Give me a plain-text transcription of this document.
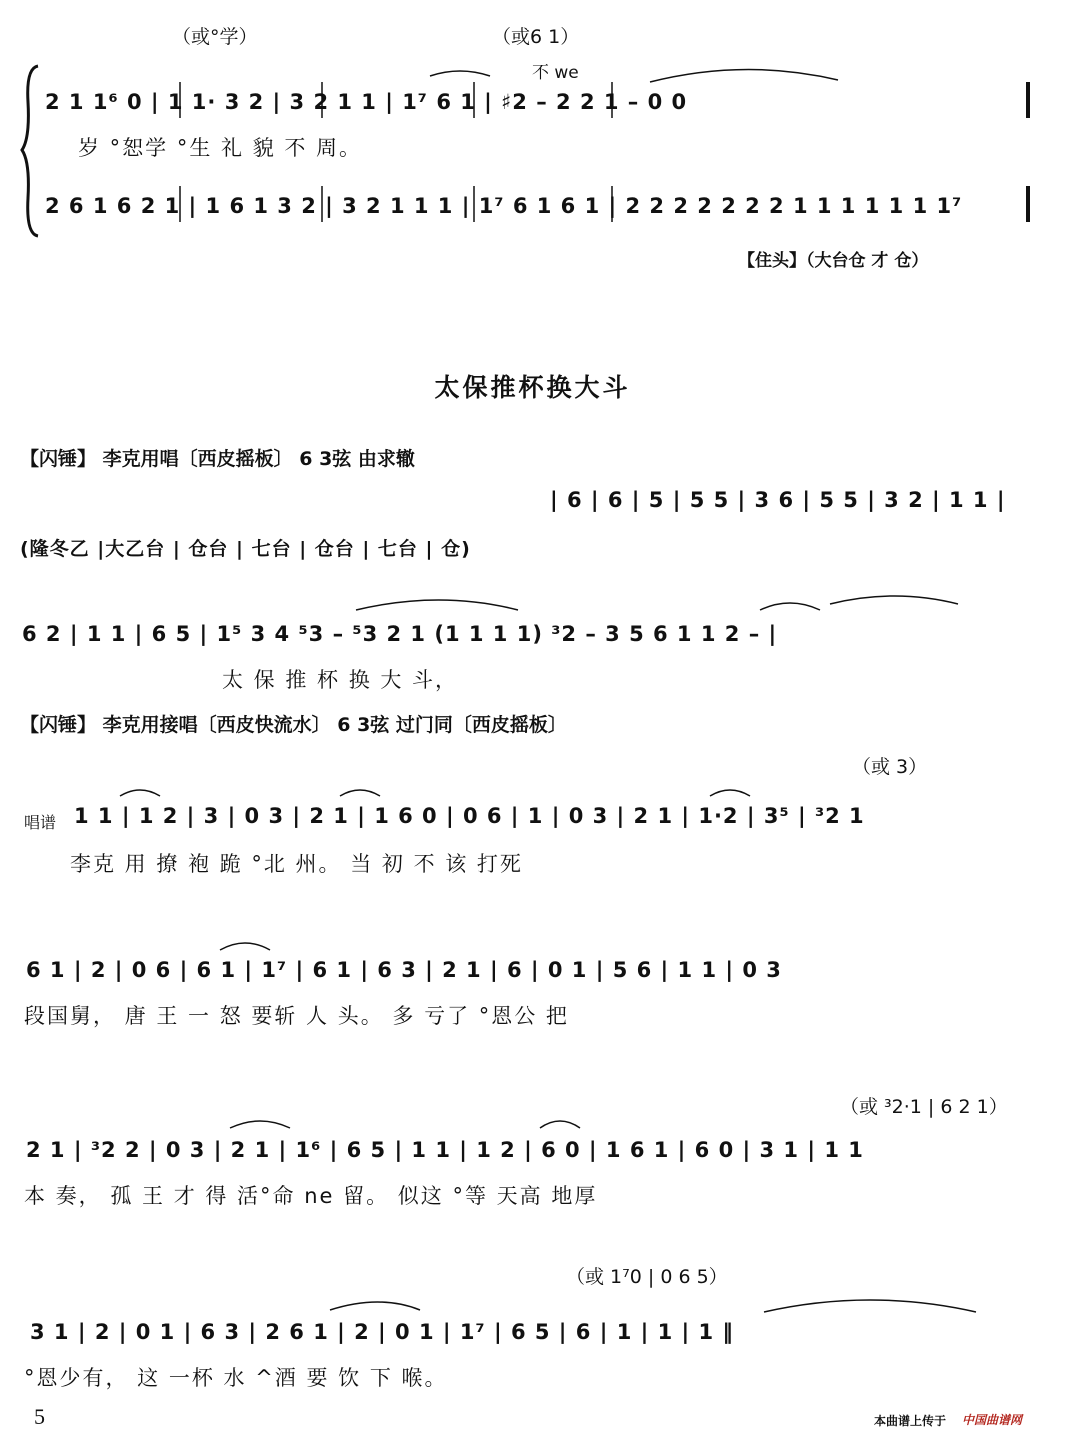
（或°学）	（或6 1）
不 we
2 1 1⁶ 0 | 1 1· 3 2 | 3 2 1 1 | 1⁷ 6 1 | ♯2 – 2 2 1 – 0 0
岁 °恕学 °生 礼 貌 不 周。
2 6 1 6 2 1 | 1 6 1 3 2 | 3 2 1 1 1 | 1⁷ 6 1 6 1 | 2 2 2 2 2 2 2 1 1 1 1 1 1 1⁷
【住头】（大台仓 才 仓）
太保推杯换大斗
【闪锤】 李克用唱〔西皮摇板〕 6 3弦 由求辙
| 6 | 6 | 5 | 5 5 | 3 6 | 5 5 | 3 2 | 1 1 |
(隆冬乙 |大乙台 | 仓台 | 七台 | 仓台 | 七台 | 仓)
6 2 | 1 1 | 6 5 | 1⁵ 3 4 ⁵3 – ⁵3 2 1 (1 1 1 1) ³2 – 3 5 6 1 1 2 – |
太 保 推 杯 换 大 斗，
【闪锤】 李克用接唱〔西皮快流水〕 6 3弦 过门同〔西皮摇板〕
（或 3）
唱谱 1 1 | 1 2 | 3 | 0 3 | 2 1 | 1 6 0 | 0 6 | 1 | 0 3 | 2 1 | 1·2 | 3⁵ | ³2 1
李克 用 撩 袍 跪 °北 州。 当 初 不 该 打死
6 1 | 2 | 0 6 | 6 1 | 1⁷ | 6 1 | 6 3 | 2 1 | 6 | 0 1 | 5 6 | 1 1 | 0 3
段国舅， 唐 王 一 怒 要斩 人 头。 多 亏了 °恩公 把
（或 ³2·1 | 6 2 1）
2 1 | ³2 2 | 0 3 | 2 1 | 1⁶ | 6 5 | 1 1 | 1 2 | 6 0 | 1 6 1 | 6 0 | 3 1 | 1 1
本 奏， 孤 王 才 得 活°命 ne 留。 似这 °等 天高 地厚
（或 1⁷0 | 0 6 5）
3 1 | 2 | 0 1 | 6 3 | 2 6 1 | 2 | 0 1 | 1⁷ | 6 5 | 6 | 1 | 1 | 1 ‖
°恩少有， 这 一杯 水 ^酒 要 饮 下 喉。
5	本曲谱上传于 中国曲谱网
